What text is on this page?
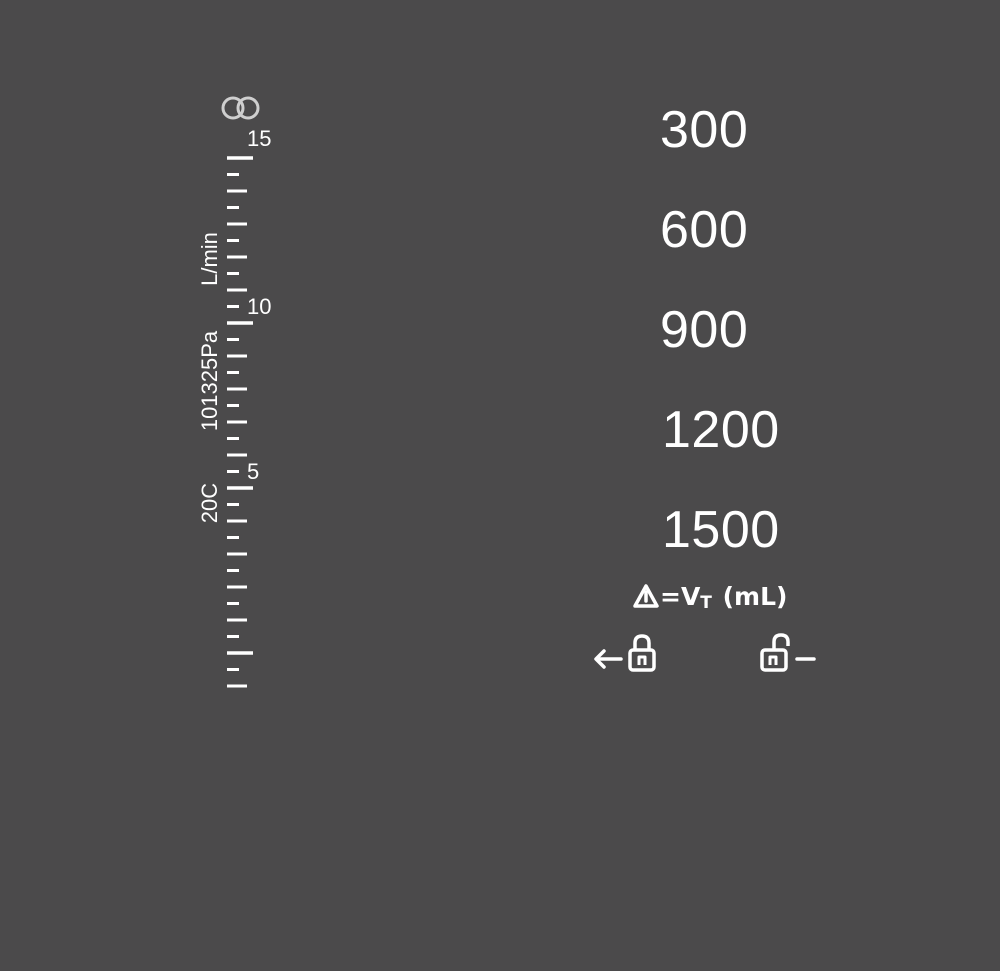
15
10
5
L/min
101325Pa
20C
300
600
900
1200
1500
=VT (mL)
